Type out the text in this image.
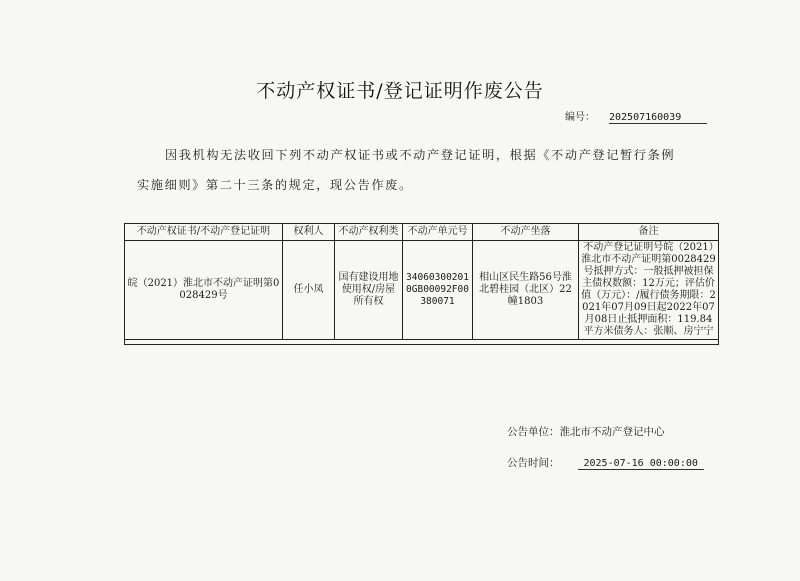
不动产权证书/登记证明作废公告
编号： 202507160039
因我机构无法收回下列不动产权证书或不动产登记证明，根据《不动产登记暂行条例
实施细则》第二十三条的规定，现公告作废。
不动产权证书/不动产登记证明	权利人	不动产权利类	不动产单元号	不动产坐落	备注
皖（2021）淮北市不动产证明第0028429号	任小凤	国有建设用地使用权/房屋所有权	340603002010GB00092F00380071	相山区民生路56号淮北碧桂园（北区）22幢1803	不动产登记证明号皖（2021）淮北市不动产证明第0028429号抵押方式：一般抵押被担保主债权数额：12万元；评估价值（万元）：/履行债务期限：2021年07月09日起2022年07月08日止抵押面积：119.84平方米债务人：张顺、房宁宁

公告单位：淮北市不动产登记中心
公告时间： 2025-07-16 00:00:00
